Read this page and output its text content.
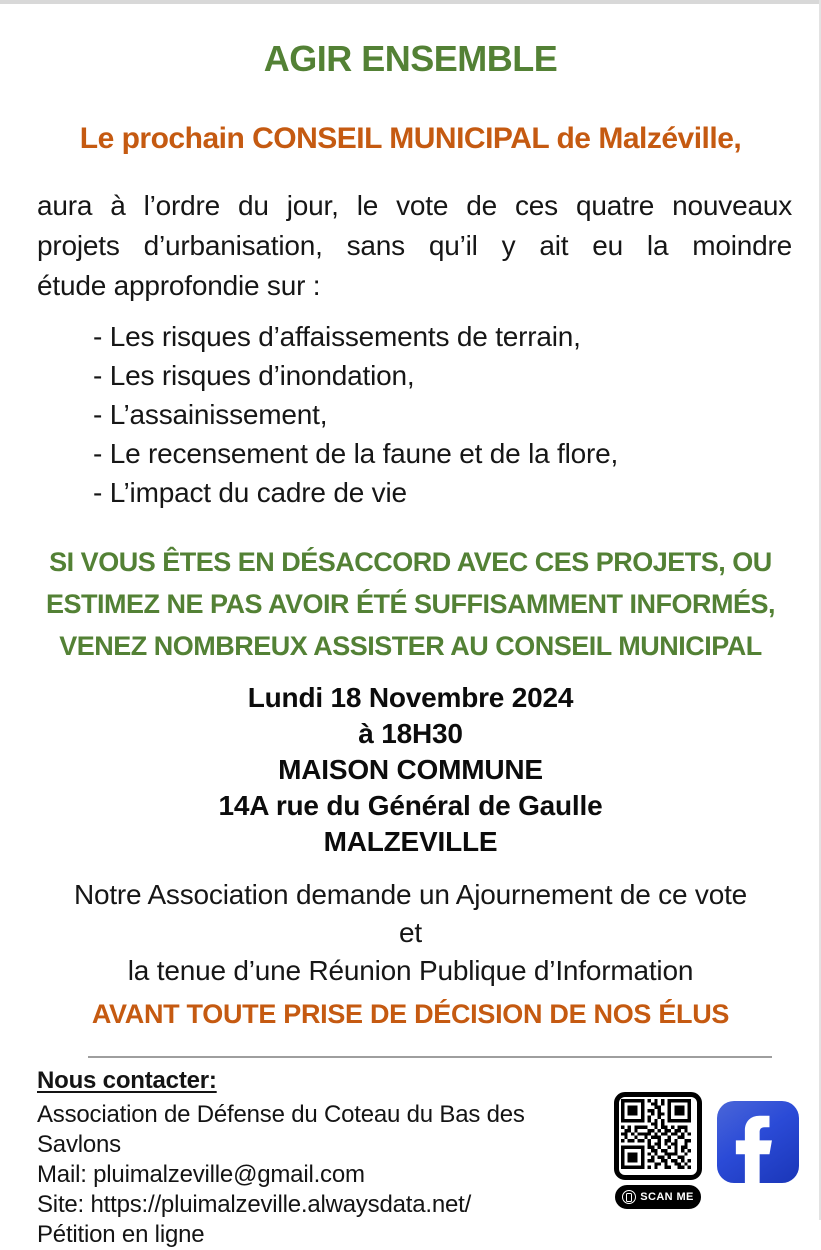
AGIR ENSEMBLE
Le prochain CONSEIL MUNICIPAL de Malzéville,
aura à l’ordre du jour, le vote de ces quatre nouveaux
projets d’urbanisation, sans qu’il y ait eu la moindre
étude approfondie sur :
- Les risques d’affaissements de terrain,
- Les risques d’inondation,
- L’assainissement,
- Le recensement de la faune et de la flore,
- L’impact du cadre de vie
SI VOUS ÊTES EN DÉSACCORD AVEC CES PROJETS, OU
ESTIMEZ NE PAS AVOIR ÉTÉ SUFFISAMMENT INFORMÉS,
VENEZ NOMBREUX ASSISTER AU CONSEIL MUNICIPAL
Lundi 18 Novembre 2024
à 18H30
MAISON COMMUNE
14A rue du Général de Gaulle
MALZEVILLE
Notre Association demande un Ajournement de ce vote
et
la tenue d’une Réunion Publique d’Information
AVANT TOUTE PRISE DE DÉCISION DE NOS ÉLUS
Nous contacter:
Association de Défense du Coteau du Bas des Savlons
Mail: pluimalzeville@gmail.com
Site: https://pluimalzeville.alwaysdata.net/
Pétition en ligne
SCAN ME
